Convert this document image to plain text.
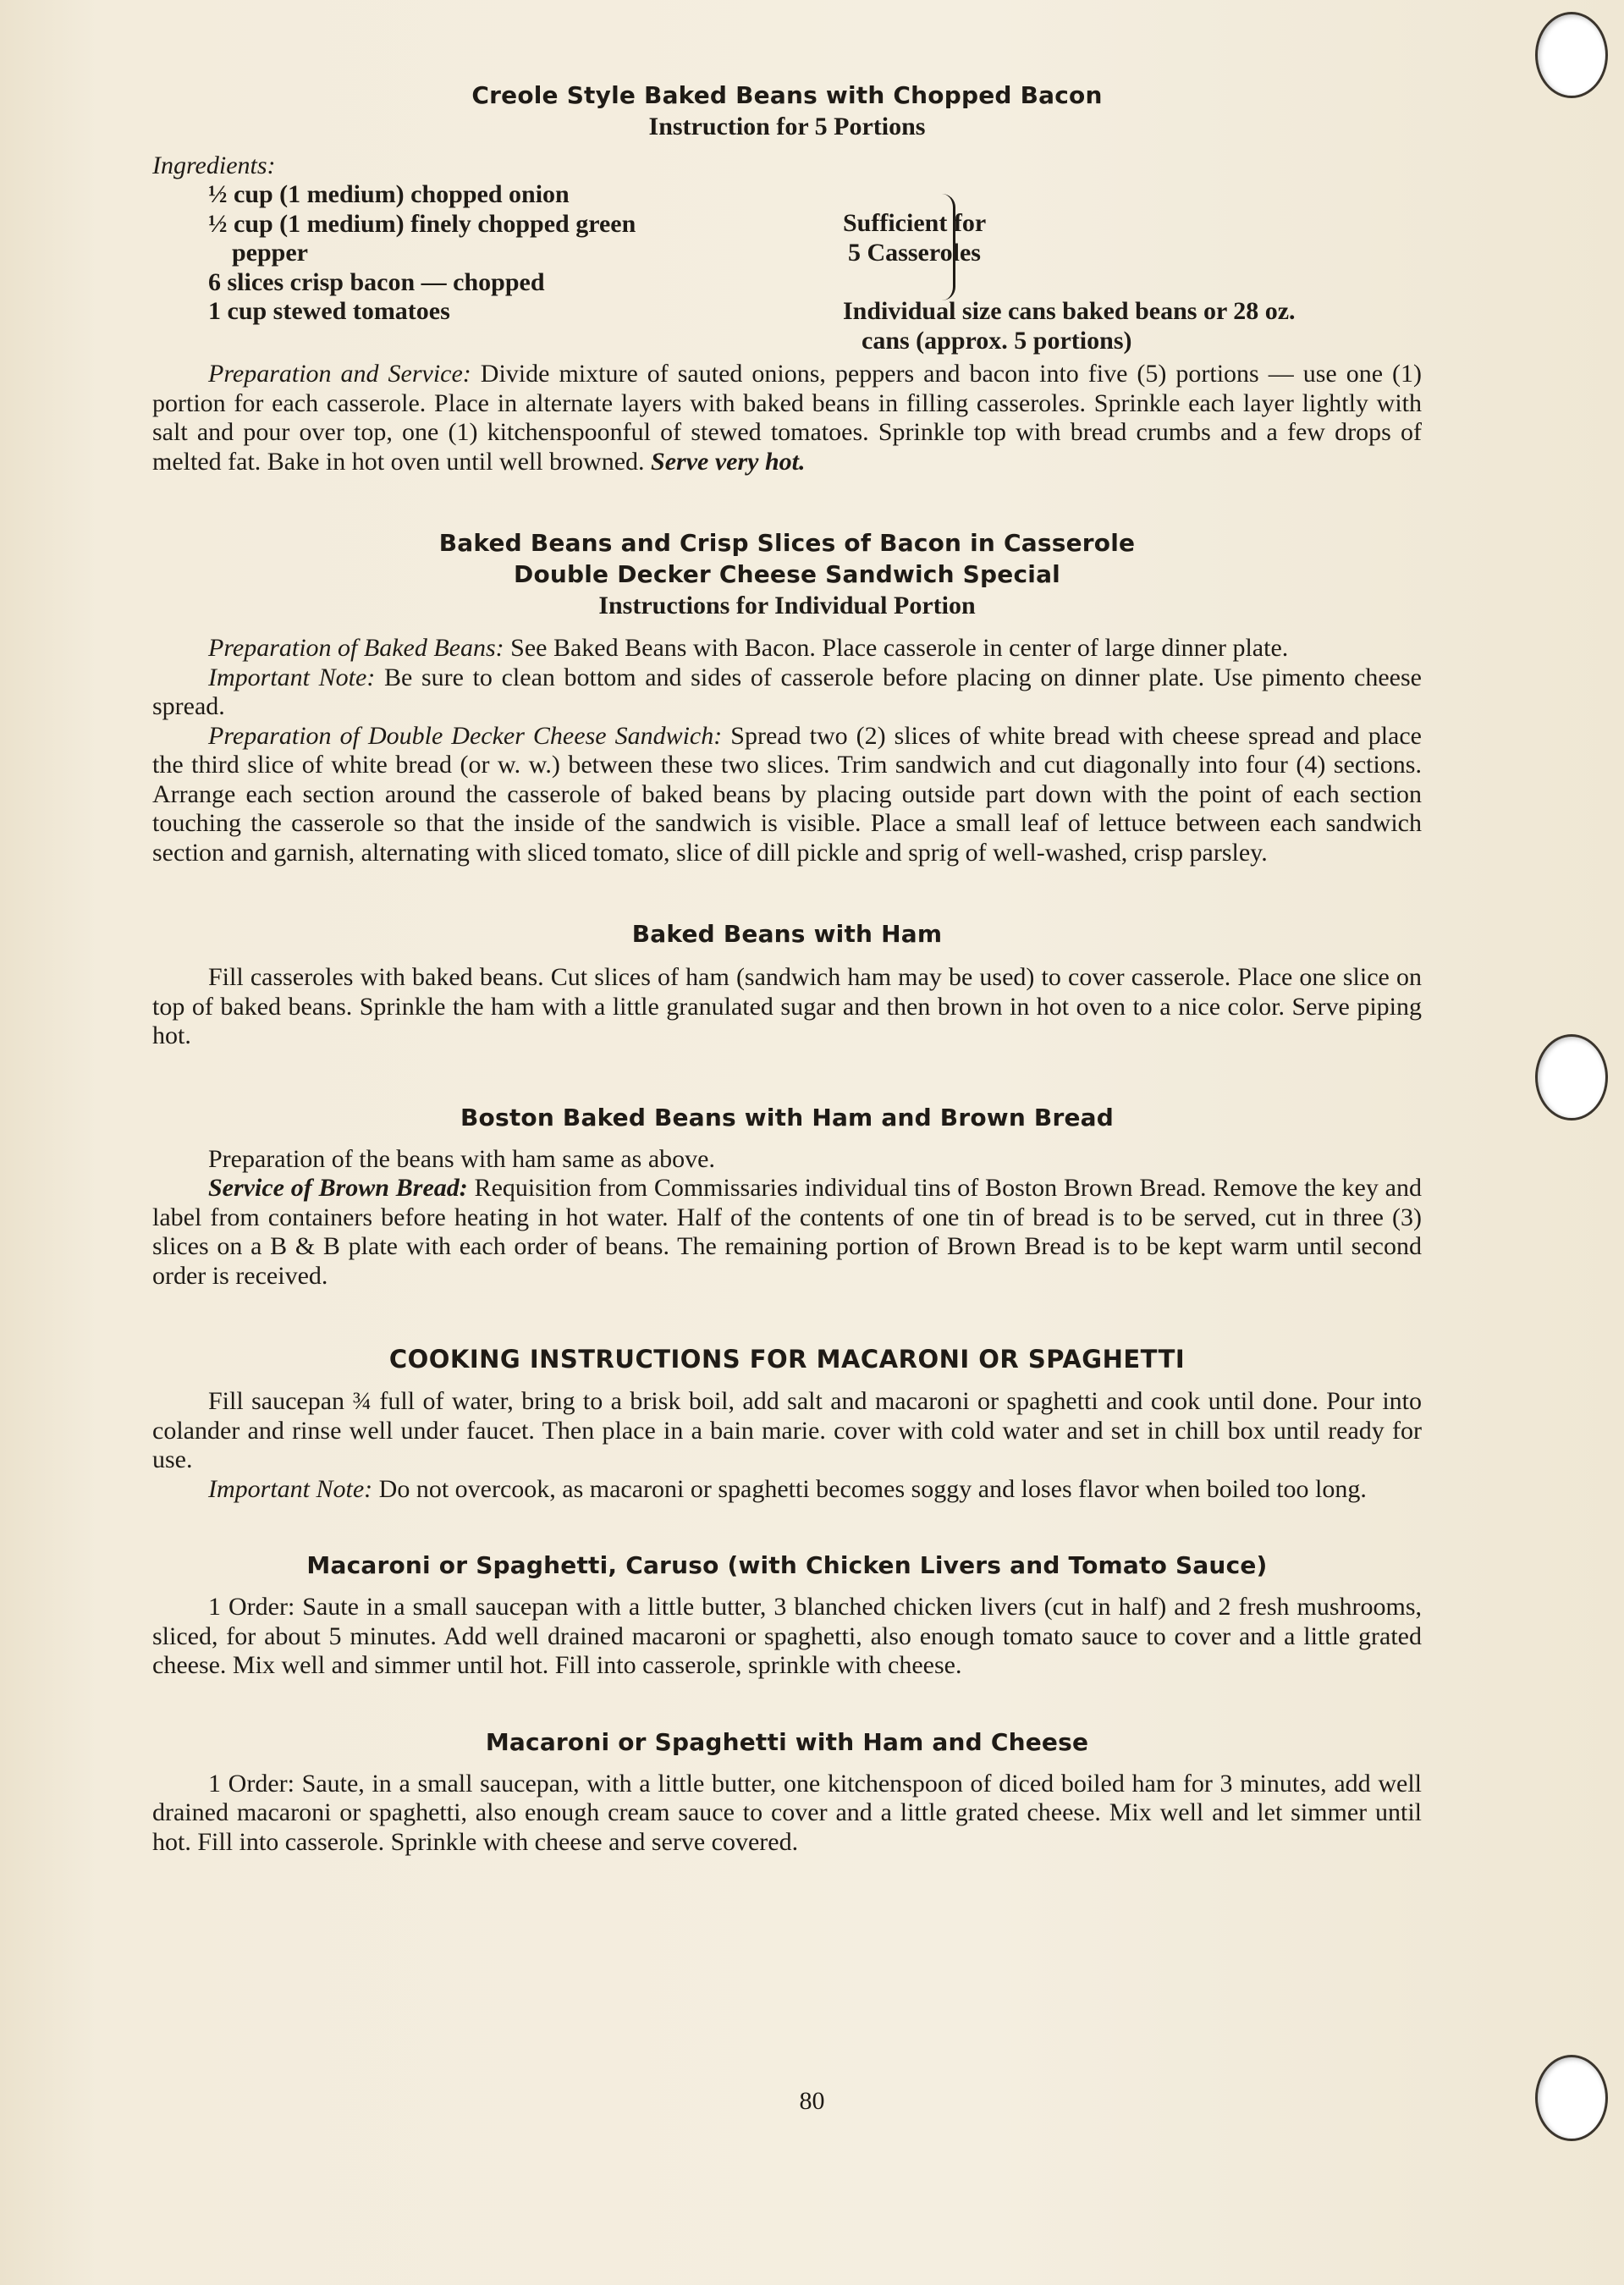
Creole Style Baked Beans with Chopped Bacon
Instruction for 5 Portions
Ingredients:
½ cup (1 medium) chopped onion
½ cup (1 medium) finely chopped green
pepper
6 slices crisp bacon — chopped
1 cup stewed tomatoes
Sufficient for
5 Casseroles
Individual size cans baked beans or 28 oz.
cans (approx. 5 portions)

Preparation and Service: Divide mixture of sauted onions, peppers and bacon into five (5) portions — use one (1) portion for each casserole. Place in alternate layers with baked beans in filling casseroles. Sprinkle each layer lightly with salt and pour over top, one (1) kitchenspoonful of stewed tomatoes. Sprinkle top with bread crumbs and a few drops of melted fat. Bake in hot oven until well browned. Serve very hot.

Baked Beans and Crisp Slices of Bacon in Casserole
Double Decker Cheese Sandwich Special
Instructions for Individual Portion

Preparation of Baked Beans: See Baked Beans with Bacon. Place casserole in center of large dinner plate.

Important Note: Be sure to clean bottom and sides of casserole before placing on dinner plate. Use pimento cheese spread.

Preparation of Double Decker Cheese Sandwich: Spread two (2) slices of white bread with cheese spread and place the third slice of white bread (or w. w.) between these two slices. Trim sandwich and cut diagonally into four (4) sections. Arrange each section around the casserole of baked beans by placing outside part down with the point of each section touching the casserole so that the inside of the sandwich is visible. Place a small leaf of lettuce between each sandwich section and garnish, alternating with sliced tomato, slice of dill pickle and sprig of well-washed, crisp parsley.

Baked Beans with Ham

Fill casseroles with baked beans. Cut slices of ham (sandwich ham may be used) to cover casserole. Place one slice on top of baked beans. Sprinkle the ham with a little granulated sugar and then brown in hot oven to a nice color. Serve piping hot.

Boston Baked Beans with Ham and Brown Bread

Preparation of the beans with ham same as above.

Service of Brown Bread: Requisition from Commissaries individual tins of Boston Brown Bread. Remove the key and label from containers before heating in hot water. Half of the contents of one tin of bread is to be served, cut in three (3) slices on a B & B plate with each order of beans. The remaining portion of Brown Bread is to be kept warm until second order is received.

COOKING INSTRUCTIONS FOR MACARONI OR SPAGHETTI

Fill saucepan ¾ full of water, bring to a brisk boil, add salt and macaroni or spaghetti and cook until done. Pour into colander and rinse well under faucet. Then place in a bain marie. cover with cold water and set in chill box until ready for use.

Important Note: Do not overcook, as macaroni or spaghetti becomes soggy and loses flavor when boiled too long.

Macaroni or Spaghetti, Caruso (with Chicken Livers and Tomato Sauce)

1 Order: Saute in a small saucepan with a little butter, 3 blanched chicken livers (cut in half) and 2 fresh mushrooms, sliced, for about 5 minutes. Add well drained macaroni or spaghetti, also enough tomato sauce to cover and a little grated cheese. Mix well and simmer until hot. Fill into casserole, sprinkle with cheese.

Macaroni or Spaghetti with Ham and Cheese

1 Order: Saute, in a small saucepan, with a little butter, one kitchenspoon of diced boiled ham for 3 minutes, add well drained macaroni or spaghetti, also enough cream sauce to cover and a little grated cheese. Mix well and let simmer until hot. Fill into casserole. Sprinkle with cheese and serve covered.

80
